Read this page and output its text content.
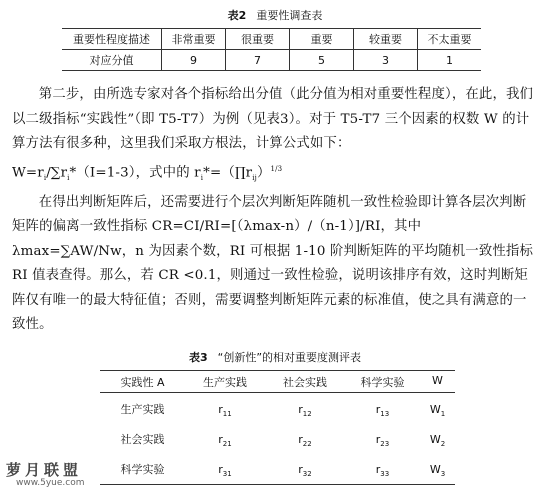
表2 重要性调查表
重要性程度描述	非常重要	很重要	重要	较重要	不太重要
对应分值	9	7	5	3	1

第二步，由所选专家对各个指标给出分值（此分值为相对重要性程度），在此，我们以二级指标“实践性”（即 T5-T7）为例（见表3）。对于 T5-T7 三个因素的权数 W 的计算方法有很多种，这里我们采取方根法，计算公式如下：

$W=r_i/\sum r_i*(I=1-3)$，式中的 $r_i*=(\prod r_{ij})^{1/3}$

在得出判断矩阵后，还需要进行个层次判断矩阵随机一致性检验即计算各层次判断矩阵的偏离一致性指标 CR=CI/RI=[（λmax-n）/（n-1）]/RI，其中 λmax=∑AW/Nw，n 为因素个数，RI 可根据 1-10 阶判断矩阵的平均随机一致性指标 RI 值表查得。那么，若 CR <0.1，则通过一致性检验，说明该排序有效，这时判断矩阵仅有唯一的最大特征值；否则，需要调整判断矩阵元素的标准值，使之具有满意的一致性。

表3 “创新性”的相对重要度测评表
实践性 A	生产实践	社会实践	科学实验	W
生产实践	$r_{11}$	$r_{12}$	$r_{13}$	$W_1$
社会实践	$r_{21}$	$r_{22}$	$r_{23}$	$W_2$
科学实验	$r_{31}$	$r_{32}$	$r_{33}$	$W_3$
萝月联盟
www.5yue.com
